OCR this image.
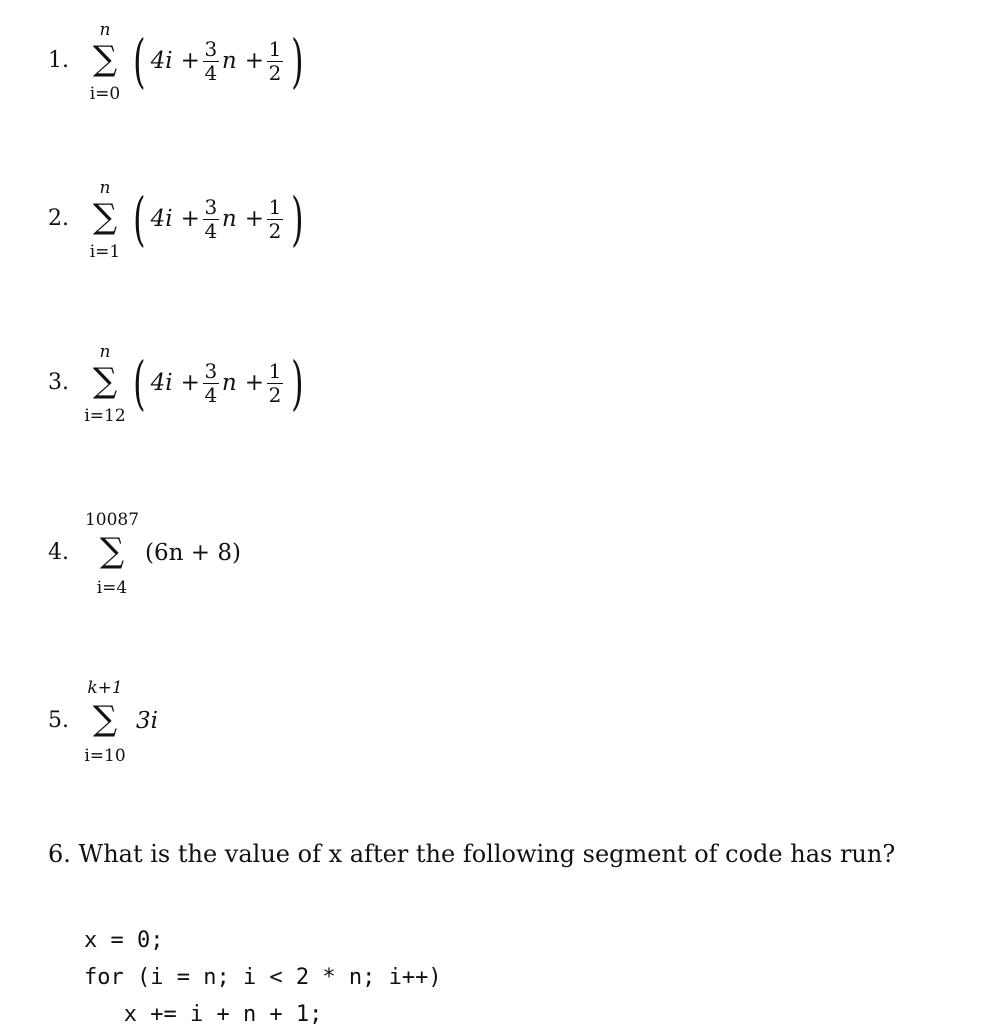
1.
n
∑
i=0 ( $4i + \frac{3}{4}$ $n + \frac{1}{2}$ )
2.
n
∑
i=1 ( $4i + \frac{3}{4}$ $n + \frac{1}{2}$ )
3.
n
∑
i=12 ( $4i + \frac{3}{4}$ $n + \frac{1}{2}$ )
4.
10087
∑
i=4
(6n + 8)
5.
k+1
∑
i=10
3i
6. What is the value of x after the following segment of code has run?
x = 0;
for (i = n; i < 2 * n; i++)
x += i + n + 1;
